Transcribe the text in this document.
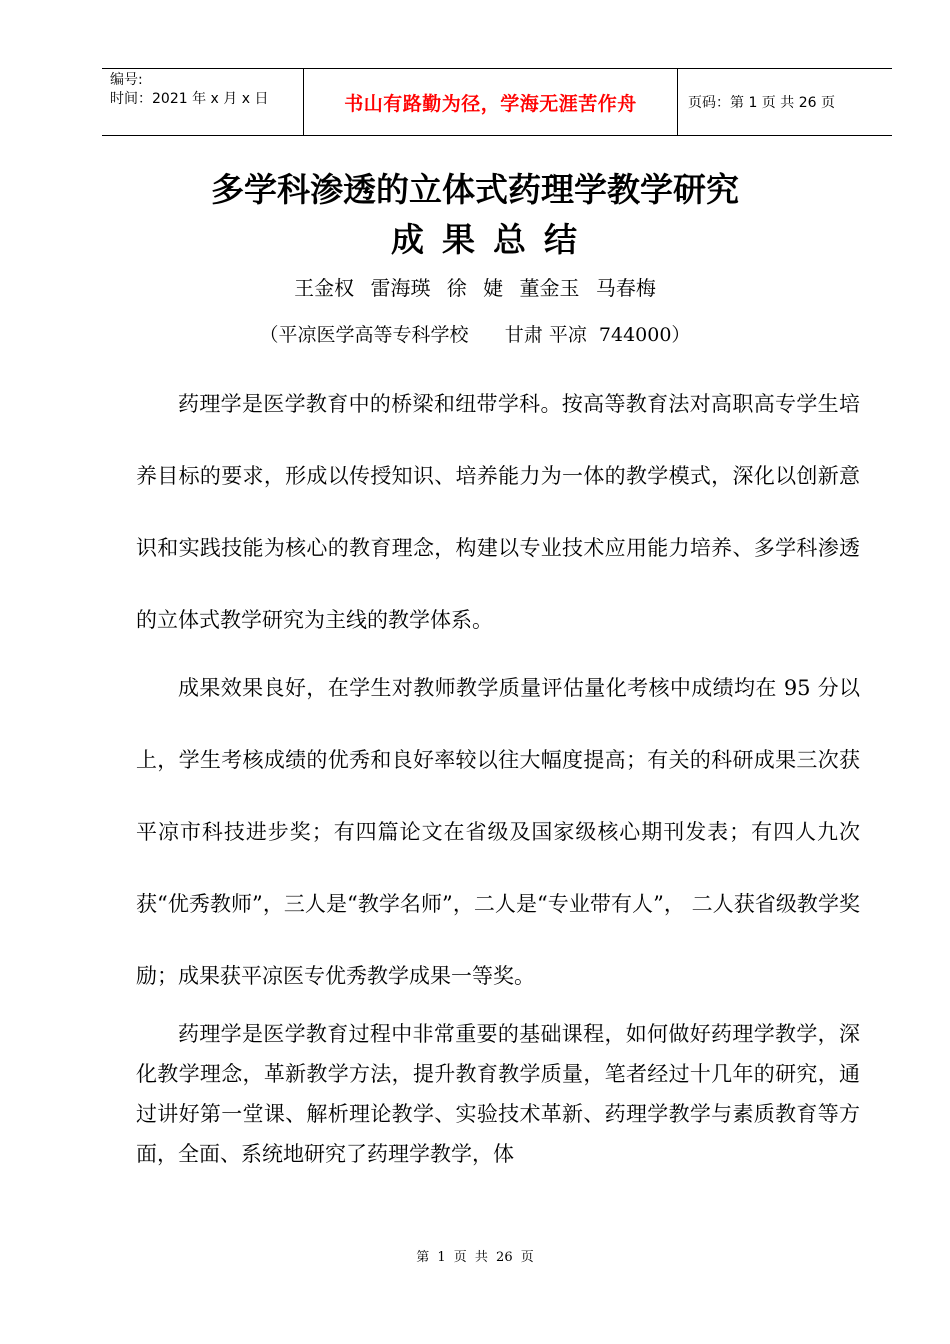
编号:
时间：2021 年 x 月 x 日	书山有路勤为径，学海无涯苦作舟	页码：第 1 页 共 26 页
多学科渗透的立体式药理学教学研究
成果总结
王金权 雷海瑛 徐 婕 董金玉 马春梅
（平凉医学高等专科学校      甘肃 平凉  744000）

药理学是医学教育中的桥梁和纽带学科。按高等教育法对高职高专学生培养目标的要求，形成以传授知识、培养能力为一体的教学模式，深化以创新意识和实践技能为核心的教育理念，构建以专业技术应用能力培养、多学科渗透的立体式教学研究为主线的教学体系。

成果效果良好，在学生对教师教学质量评估量化考核中成绩均在 95 分以上，学生考核成绩的优秀和良好率较以往大幅度提高；有关的科研成果三次获平凉市科技进步奖；有四篇论文在省级及国家级核心期刊发表；有四人九次获“优秀教师”，三人是“教学名师”，二人是“专业带有人”， 二人获省级教学奖励；成果获平凉医专优秀教学成果一等奖。

药理学是医学教育过程中非常重要的基础课程，如何做好药理学教学，深化教学理念，革新教学方法，提升教育教学质量，笔者经过十几年的研究，通过讲好第一堂课、解析理论教学、实验技术革新、药理学教学与素质教育等方面，全面、系统地研究了药理学教学，体

第 1 页 共 26 页
